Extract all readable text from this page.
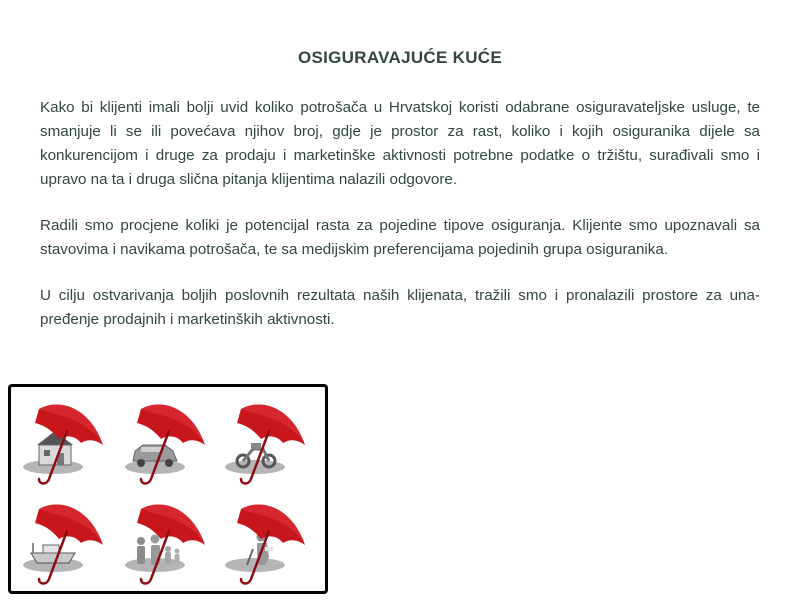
OSIGURAVAJUĆE KUĆE

Kako bi klijenti imali bolji uvid koliko potrošača u Hrvatskoj koristi odabrane osiguravateljske usluge, te smanjuje li se ili povećava njihov broj, gdje je prostor za rast, koliko i kojih osiguranika dijele sa konkurencijom i druge za prodaju i marketinške aktivnosti potrebne podatke o tržištu, surađivali smo i upravo na ta i druga slična pitanja klijentima nalazili odgovore.

Radili smo procjene koliki je potencijal rasta za pojedine tipove osiguranja. Klijente smo upoznavali sa stavovima i navikama potrošača, te sa medijskim preferencijama pojedinih grupa osiguranika.

U cilju ostvarivanja boljih poslovnih rezultata naših klijenata, tražili smo i pronalazili prostore za una-pređenje prodajnih i marketinških aktivnosti.
